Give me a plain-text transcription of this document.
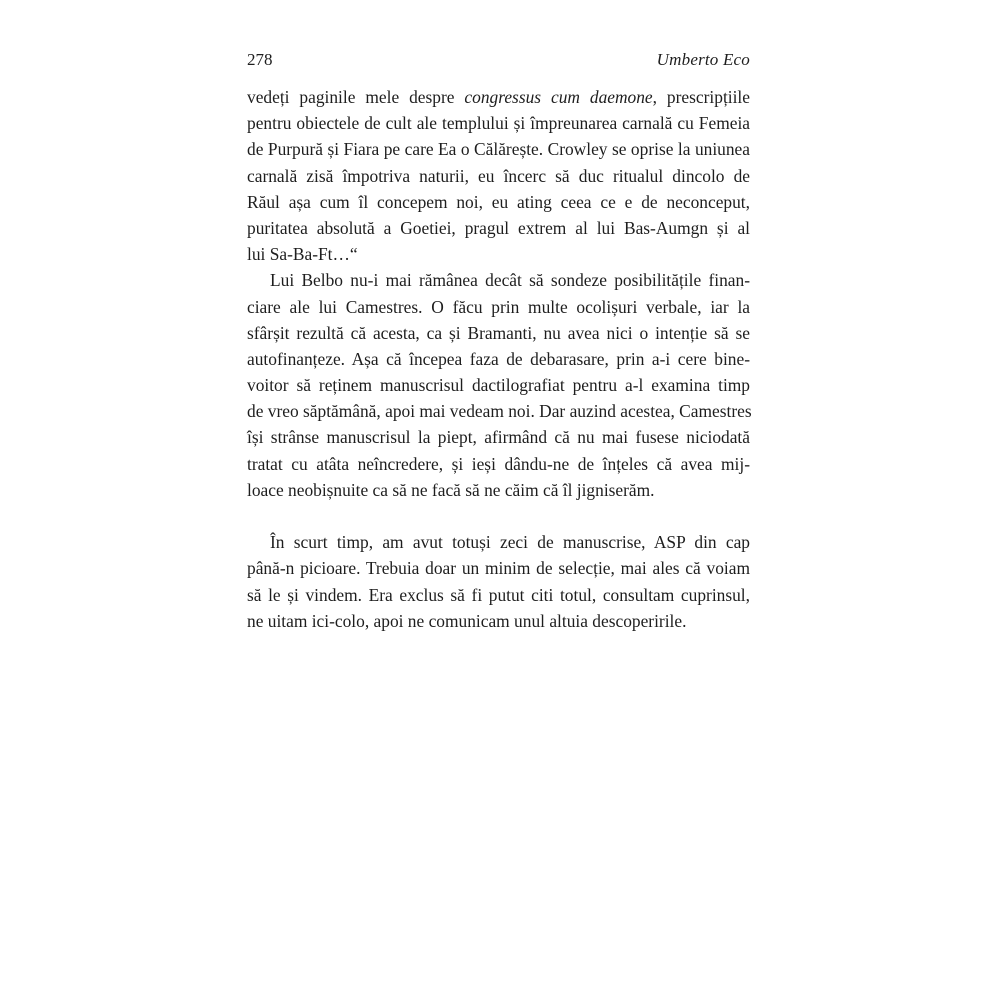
278	Umberto Eco
vedeți paginile mele despre congressus cum daemone, prescripțiile
pentru obiectele de cult ale templului și împreunarea carnală cu Femeia
de Purpură și Fiara pe care Ea o Călărește. Crowley se oprise la uniunea
carnală zisă împotriva naturii, eu încerc să duc ritualul dincolo de
Răul așa cum îl concepem noi, eu ating ceea ce e de neconceput,
puritatea absolută a Goetiei, pragul extrem al lui Bas-Aumgn și al
lui Sa-Ba-Ft…“
Lui Belbo nu-i mai rămânea decât să sondeze posibilitățile finan-
ciare ale lui Camestres. O făcu prin multe ocolișuri verbale, iar la
sfârșit rezultă că acesta, ca și Bramanti, nu avea nici o intenție să se
autofinanțeze. Așa că începea faza de debarasare, prin a-i cere bine-
voitor să reținem manuscrisul dactilografiat pentru a-l examina timp
de vreo săptămână, apoi mai vedeam noi. Dar auzind acestea, Camestres
își strânse manuscrisul la piept, afirmând că nu mai fusese niciodată
tratat cu atâta neîncredere, și ieși dându-ne de înțeles că avea mij-
loace neobișnuite ca să ne facă să ne căim că îl jigniserăm.
În scurt timp, am avut totuși zeci de manuscrise, ASP din cap
până-n picioare. Trebuia doar un minim de selecție, mai ales că voiam
să le și vindem. Era exclus să fi putut citi totul, consultam cuprinsul,
ne uitam ici-colo, apoi ne comunicam unul altuia descoperirile.
